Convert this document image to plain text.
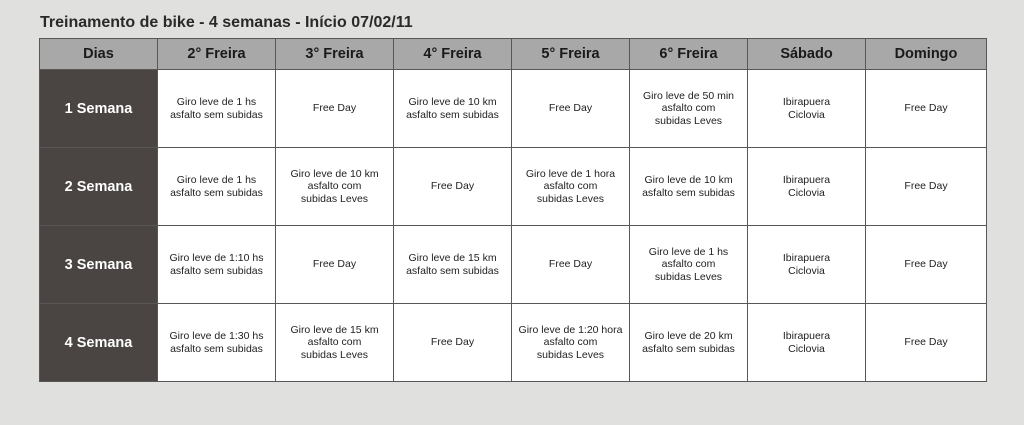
Treinamento de bike - 4 semanas - Início 07/02/11
Dias	2° Freira	3° Freira	4° Freira	5° Freira	6° Freira	Sábado	Domingo
1 Semana	Giro leve de 1 hs
asfalto sem subidas	Free Day	Giro leve de 10 km
asfalto sem subidas	Free Day	Giro leve de 50 min
asfalto com
subidas Leves	Ibirapuera
Ciclovia	Free Day
2 Semana	Giro leve de 1 hs
asfalto sem subidas	Giro leve de 10 km
asfalto com
subidas Leves	Free Day	Giro leve de 1 hora
asfalto com
subidas Leves	Giro leve de 10 km
asfalto sem subidas	Ibirapuera
Ciclovia	Free Day
3 Semana	Giro leve de 1:10 hs
asfalto sem subidas	Free Day	Giro leve de 15 km
asfalto sem subidas	Free Day	Giro leve de 1 hs
asfalto com
subidas Leves	Ibirapuera
Ciclovia	Free Day
4 Semana	Giro leve de 1:30 hs
asfalto sem subidas	Giro leve de 15 km
asfalto com
subidas Leves	Free Day	Giro leve de 1:20 hora
asfalto com
subidas Leves	Giro leve de 20 km
asfalto sem subidas	Ibirapuera
Ciclovia	Free Day
